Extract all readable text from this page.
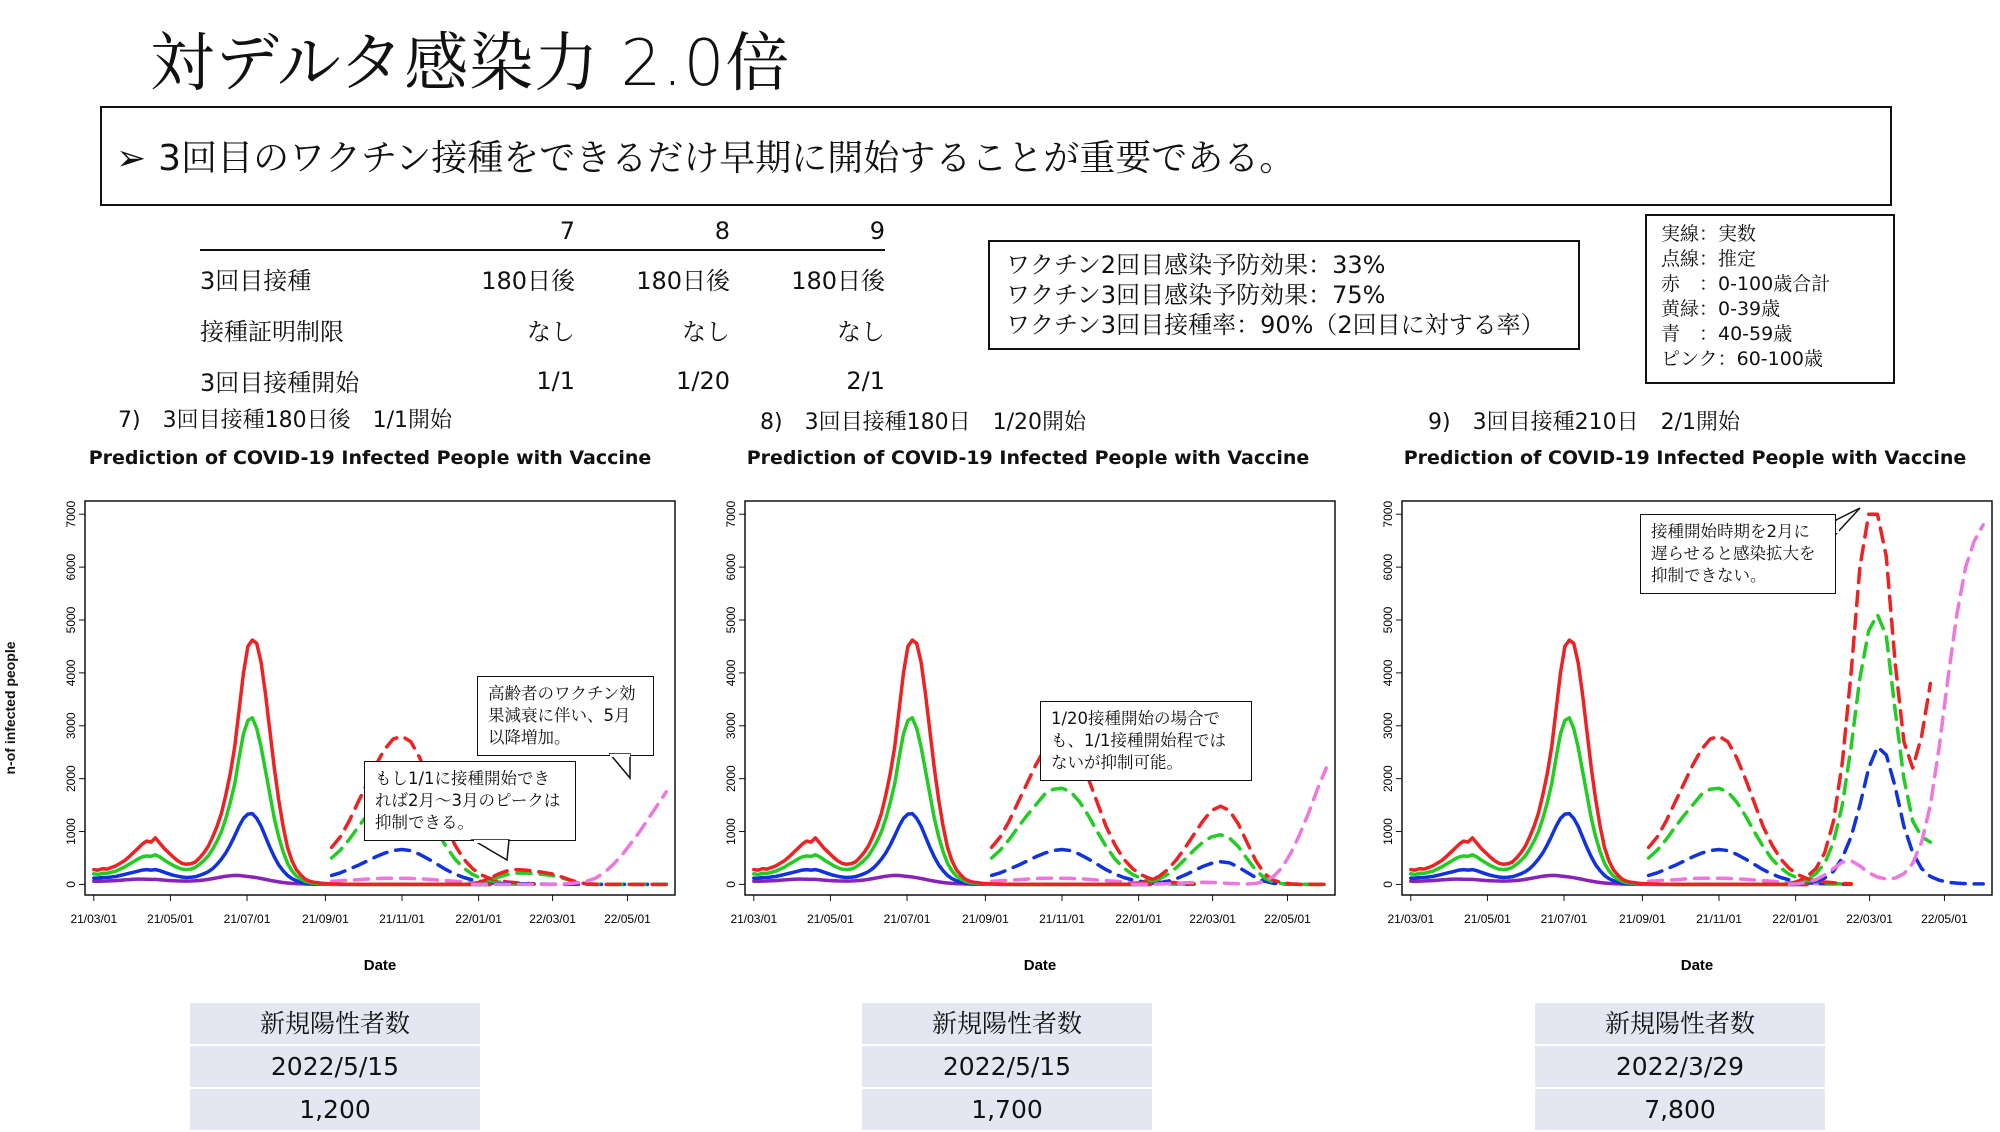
対デルタ感染力 2.0倍
➢ 3回目のワクチン接種をできるだけ早期に開始することが重要である。
	7	8	9
3回目接種	180日後	180日後	180日後
接種証明制限	なし	なし	なし
3回目接種開始	1/1	1/20	2/1
ワクチン2回目感染予防効果：33%
ワクチン3回目感染予防効果：75%
ワクチン3回目接種率：90%（2回目に対する率）
実線：実数
点線：推定
赤　：0-100歳合計
黄緑：0-39歳
青　：40-59歳
ピンク：60-100歳
7)　3回目接種180日後　1/1開始	8)　3回目接種180日　1/20開始	9)　3回目接種210日　2/1開始
Prediction of COVID-19 Infected People with Vaccine	Prediction of COVID-19 Infected People with Vaccine	Prediction of COVID-19 Infected People with Vaccine
n-of infected people
0
1000
2000
3000
4000
5000
6000
7000
21/03/01 21/05/01 21/07/01	21/09/01	21/11/01	22/01/01 22/03/01 22/05/01
Date
0
1000
2000
3000
4000
5000
6000
7000
21/03/01 21/05/01 21/07/01	21/09/01	21/11/01	22/01/01 22/03/01 22/05/01
Date
0
1000
2000
3000
4000
5000
6000
7000
21/03/01 21/05/01 21/07/01	21/09/01	21/11/01	22/01/01 22/03/01 22/05/01
Date
高齢者のワクチン効果減衰に伴い、5月以降増加。
もし1/1に接種開始できれば2月～3月のピークは抑制できる。
1/20接種開始の場合でも、1/1接種開始程ではないが抑制可能。
接種開始時期を2月に遅らせると感染拡大を抑制できない。
新規陽性者数
2022/5/15
1,200
新規陽性者数
2022/5/15
1,700
新規陽性者数
2022/3/29
7,800
